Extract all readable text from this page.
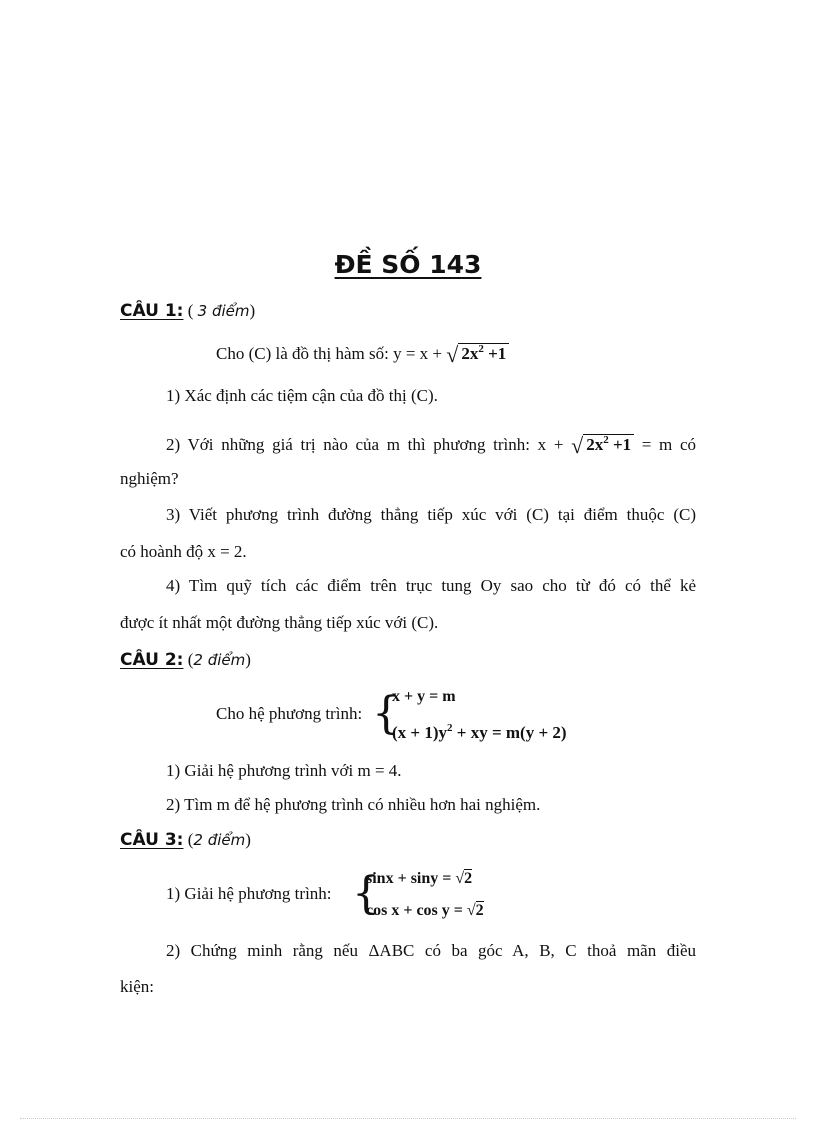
ĐỀ SỐ 143
CÂU 1: ( 3 điểm)
Cho (C) là đồ thị hàm số: y = x + √ $2x^2 +1$
1) Xác định các tiệm cận của đồ thị (C).
2) Với những giá trị nào của m thì phương trình: x + √ $2x^2 +1 = m$ có
nghiệm?
3) Viết phương trình đường thẳng tiếp xúc với (C) tại điểm thuộc (C)
có hoành độ x = 2.
4) Tìm quỹ tích các điểm trên trục tung Oy sao cho từ đó có thể kẻ
được ít nhất một đường thẳng tiếp xúc với (C).
CÂU 2: (2 điểm)
Cho hệ phương trình: {
x + y = m
$(x + 1)y^2$ + xy = m(y + 2)
1) Giải hệ phương trình với m = 4.
2) Tìm m để hệ phương trình có nhiều hơn hai nghiệm.
CÂU 3: (2 điểm)
1) Giải hệ phương trình: {
sinx + siny = √2
cos x + cos y = √2
2) Chứng minh rằng nếu ΔABC có ba góc A, B, C thoả mãn điều
kiện:
